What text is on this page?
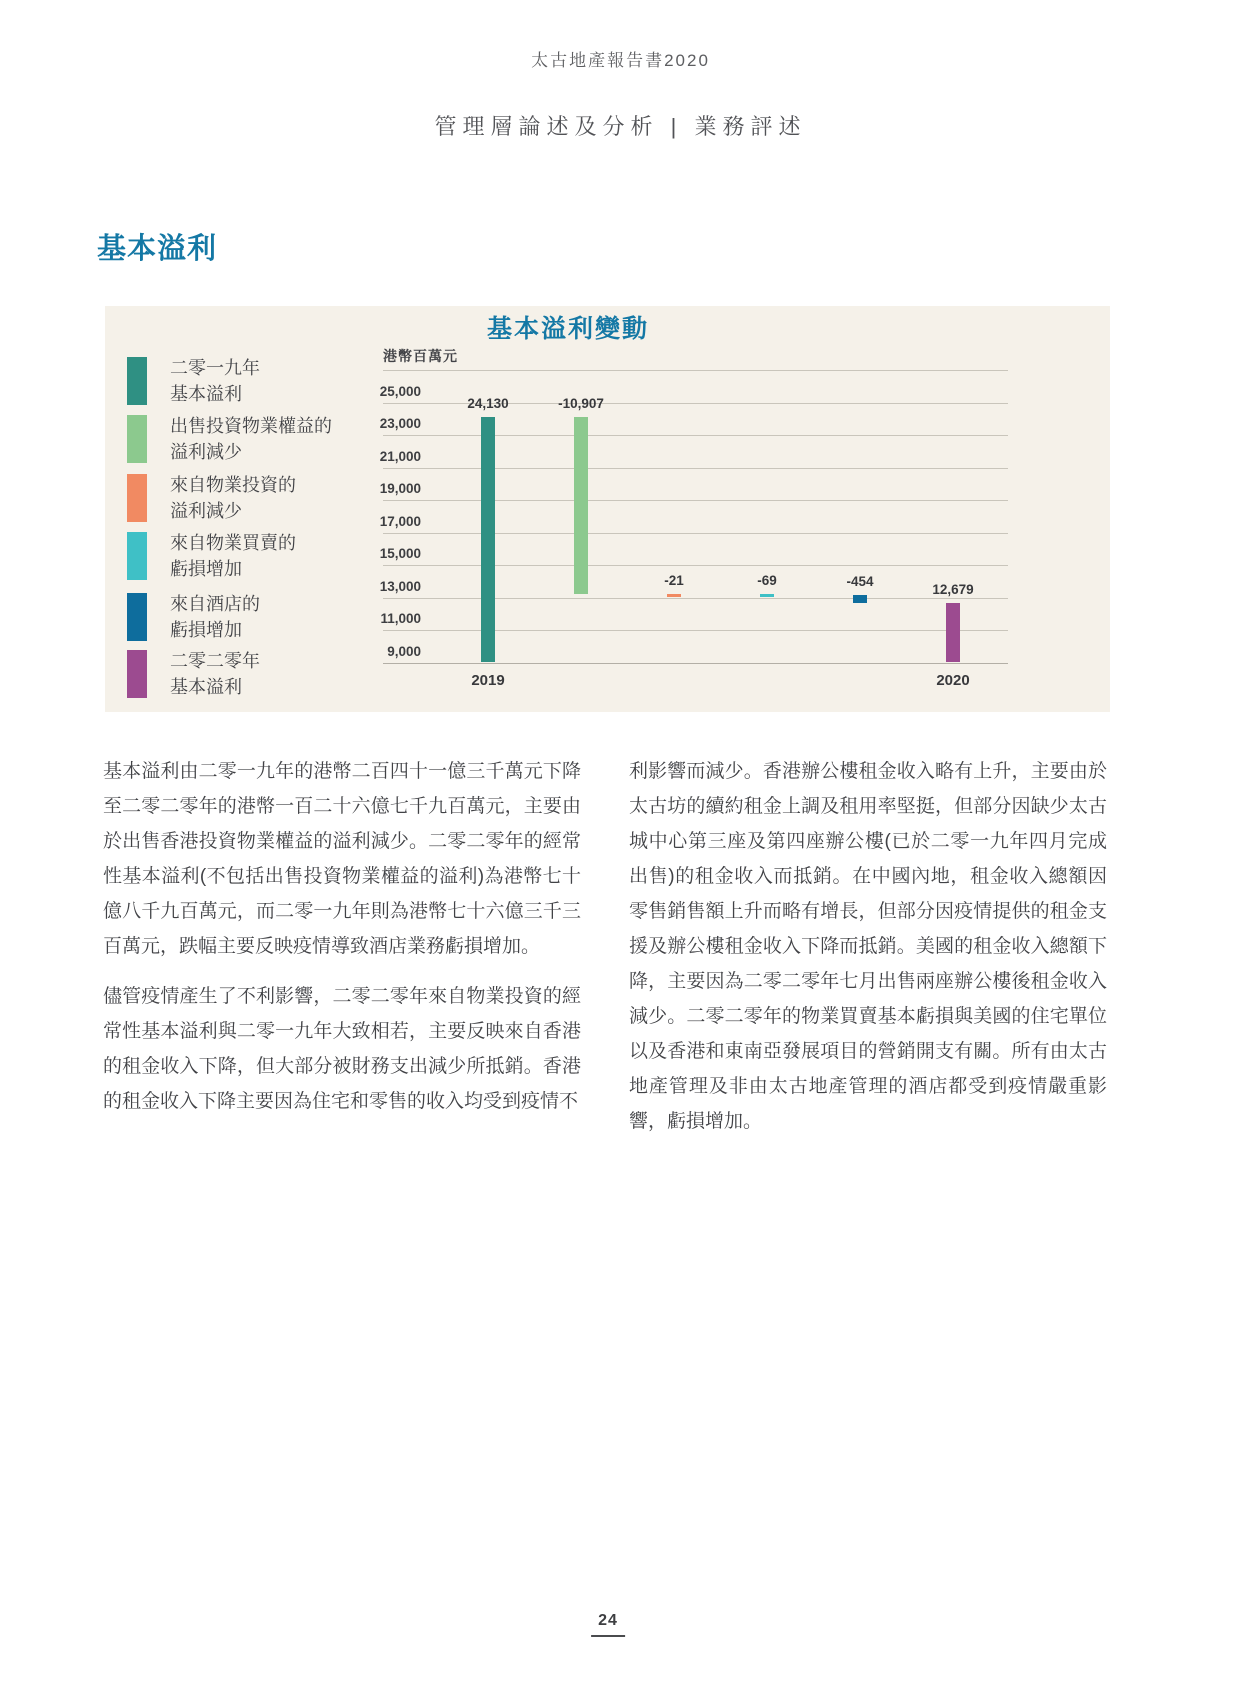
太古地產報告書2020
管理層論述及分析 | 業務評述
基本溢利
基本溢利變動
二零一九年
基本溢利
出售投資物業權益的
溢利減少
來自物業投資的
溢利減少
來自物業買賣的
虧損增加
來自酒店的
虧損增加
二零二零年
基本溢利
港幣百萬元
25,000
23,000
21,000
19,000
17,000
15,000
13,000
11,000
9,000
24,130	-10,907
-21	-69	-454	12,679
2019	2020

基本溢利由二零一九年的港幣二百四十一億三千萬元下降至二零二零年的港幣一百二十六億七千九百萬元，主要由於出售香港投資物業權益的溢利減少。二零二零年的經常性基本溢利(不包括出售投資物業權益的溢利)為港幣七十億八千九百萬元，而二零一九年則為港幣七十六億三千三百萬元，跌幅主要反映疫情導致酒店業務虧損增加。

儘管疫情產生了不利影響，二零二零年來自物業投資的經常性基本溢利與二零一九年大致相若，主要反映來自香港的租金收入下降，但大部分被財務支出減少所抵銷。香港的租金收入下降主要因為住宅和零售的收入均受到疫情不

利影響而減少。香港辦公樓租金收入略有上升，主要由於太古坊的續約租金上調及租用率堅挺，但部分因缺少太古城中心第三座及第四座辦公樓(已於二零一九年四月完成出售)的租金收入而抵銷。在中國內地，租金收入總額因零售銷售額上升而略有增長，但部分因疫情提供的租金支援及辦公樓租金收入下降而抵銷。美國的租金收入總額下降，主要因為二零二零年七月出售兩座辦公樓後租金收入減少。二零二零年的物業買賣基本虧損與美國的住宅單位以及香港和東南亞發展項目的營銷開支有關。所有由太古地產管理及非由太古地產管理的酒店都受到疫情嚴重影響，虧損增加。

24
